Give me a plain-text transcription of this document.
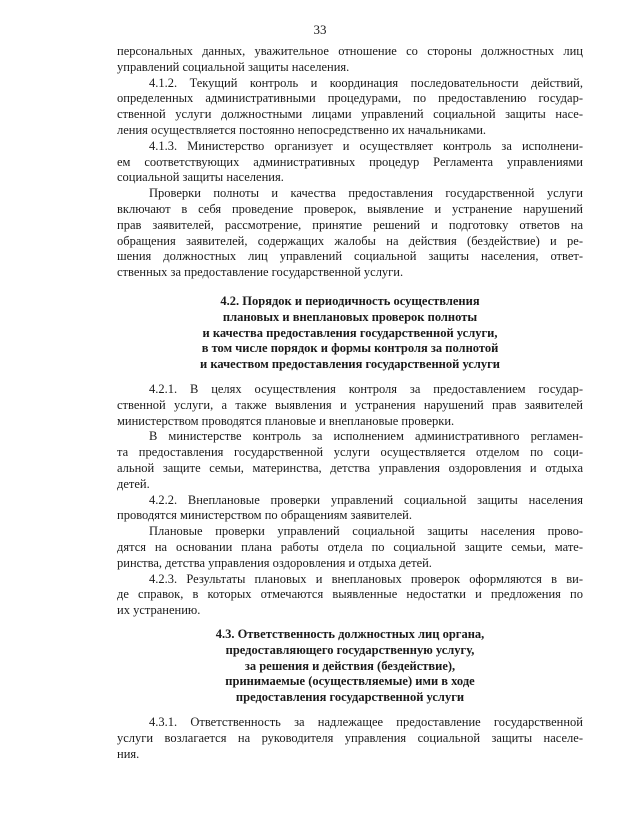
33
персональных данных, уважительное отношение со стороны должностных лиц
управлений социальной защиты населения.
4.1.2. Текущий контроль и координация последовательности действий,
определенных административными процедурами, по предоставлению государ-
ственной услуги должностными лицами управлений социальной защиты насе-
ления осуществляется постоянно непосредственно их начальниками.
4.1.3. Министерство организует и осуществляет контроль за исполнени-
ем соответствующих административных процедур Регламента управлениями
социальной защиты населения.
Проверки полноты и качества предоставления государственной услуги
включают в себя проведение проверок, выявление и устранение нарушений
прав заявителей, рассмотрение, принятие решений и подготовку ответов на
обращения заявителей, содержащих жалобы на действия (бездействие) и ре-
шения должностных лиц управлений социальной защиты населения, ответ-
ственных за предоставление государственной услуги.
4.2. Порядок и периодичность осуществления
плановых и внеплановых проверок полноты
и качества предоставления государственной услуги,
в том числе порядок и формы контроля за полнотой
и качеством предоставления государственной услуги
4.2.1. В целях осуществления контроля за предоставлением государ-
ственной услуги, а также выявления и устранения нарушений прав заявителей
министерством проводятся плановые и внеплановые проверки.
В министерстве контроль за исполнением административного регламен-
та предоставления государственной услуги осуществляется отделом по соци-
альной защите семьи, материнства, детства управления оздоровления и отдыха
детей.
4.2.2. Внеплановые проверки управлений социальной защиты населения
проводятся министерством по обращениям заявителей.
Плановые проверки управлений социальной защиты населения прово-
дятся на основании плана работы отдела по социальной защите семьи, мате-
ринства, детства управления оздоровления и отдыха детей.
4.2.3. Результаты плановых и внеплановых проверок оформляются в ви-
де справок, в которых отмечаются выявленные недостатки и предложения по
их устранению.
4.3. Ответственность должностных лиц органа,
предоставляющего государственную услугу,
за решения и действия (бездействие),
принимаемые (осуществляемые) ими в ходе
предоставления государственной услуги
4.3.1. Ответственность за надлежащее предоставление государственной
услуги возлагается на руководителя управления социальной защиты населе-
ния.
